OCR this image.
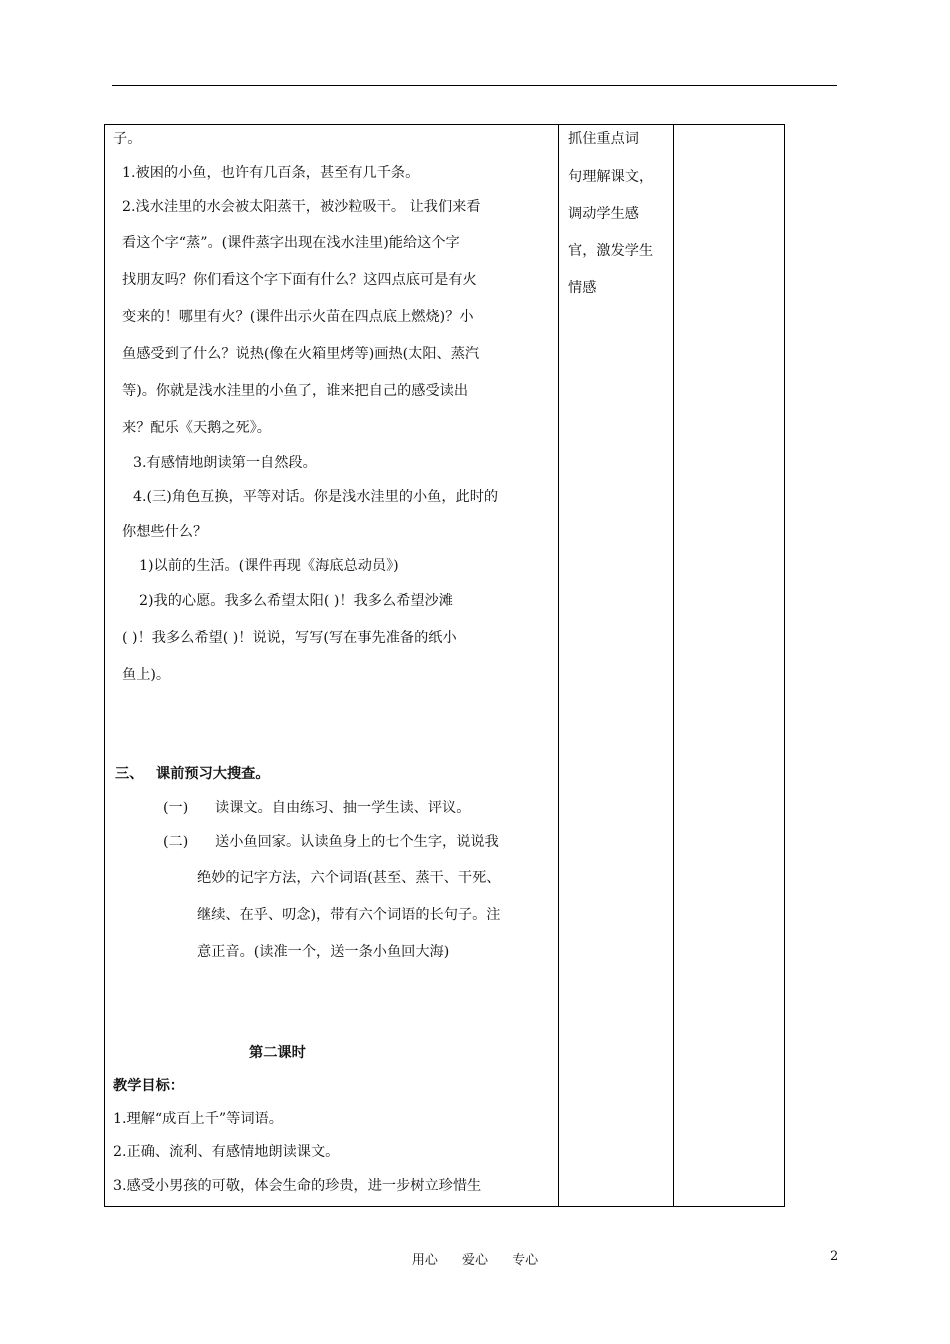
子。
1.被困的小鱼，也许有几百条，甚至有几千条。
2.浅水洼里的水会被太阳蒸干，被沙粒吸干。 让我们来看
看这个字“蒸”。(课件蒸字出现在浅水洼里)能给这个字
找朋友吗？你们看这个字下面有什么？这四点底可是有火
变来的！哪里有火？(课件出示火苗在四点底上燃烧)？小
鱼感受到了什么？说热(像在火箱里烤等)画热(太阳、蒸汽
等)。你就是浅水洼里的小鱼了，谁来把自己的感受读出
来？配乐《天鹅之死》。
3.有感情地朗读第一自然段。
4.(三)角色互换，平等对话。你是浅水洼里的小鱼，此时的
你想些什么？
1)以前的生活。(课件再现《海底总动员》)
2)我的心愿。我多么希望太阳( )！我多么希望沙滩
( )！我多么希望( )！说说，写写(写在事先准备的纸小
鱼上)。
三、 课前预习大搜查。
(一) 读课文。自由练习、抽一学生读、评议。
(二) 送小鱼回家。认读鱼身上的七个生字，说说我
绝妙的记字方法，六个词语(甚至、蒸干、干死、
继续、在乎、叨念)，带有六个词语的长句子。注
意正音。(读准一个，送一条小鱼回大海)
第二课时
教学目标：
1.理解“成百上千”等词语。
2.正确、流利、有感情地朗读课文。
3.感受小男孩的可敬，体会生命的珍贵，进一步树立珍惜生
抓住重点词
句理解课文，
调动学生感
官，激发学生
情感
用心 爱心 专心	2
